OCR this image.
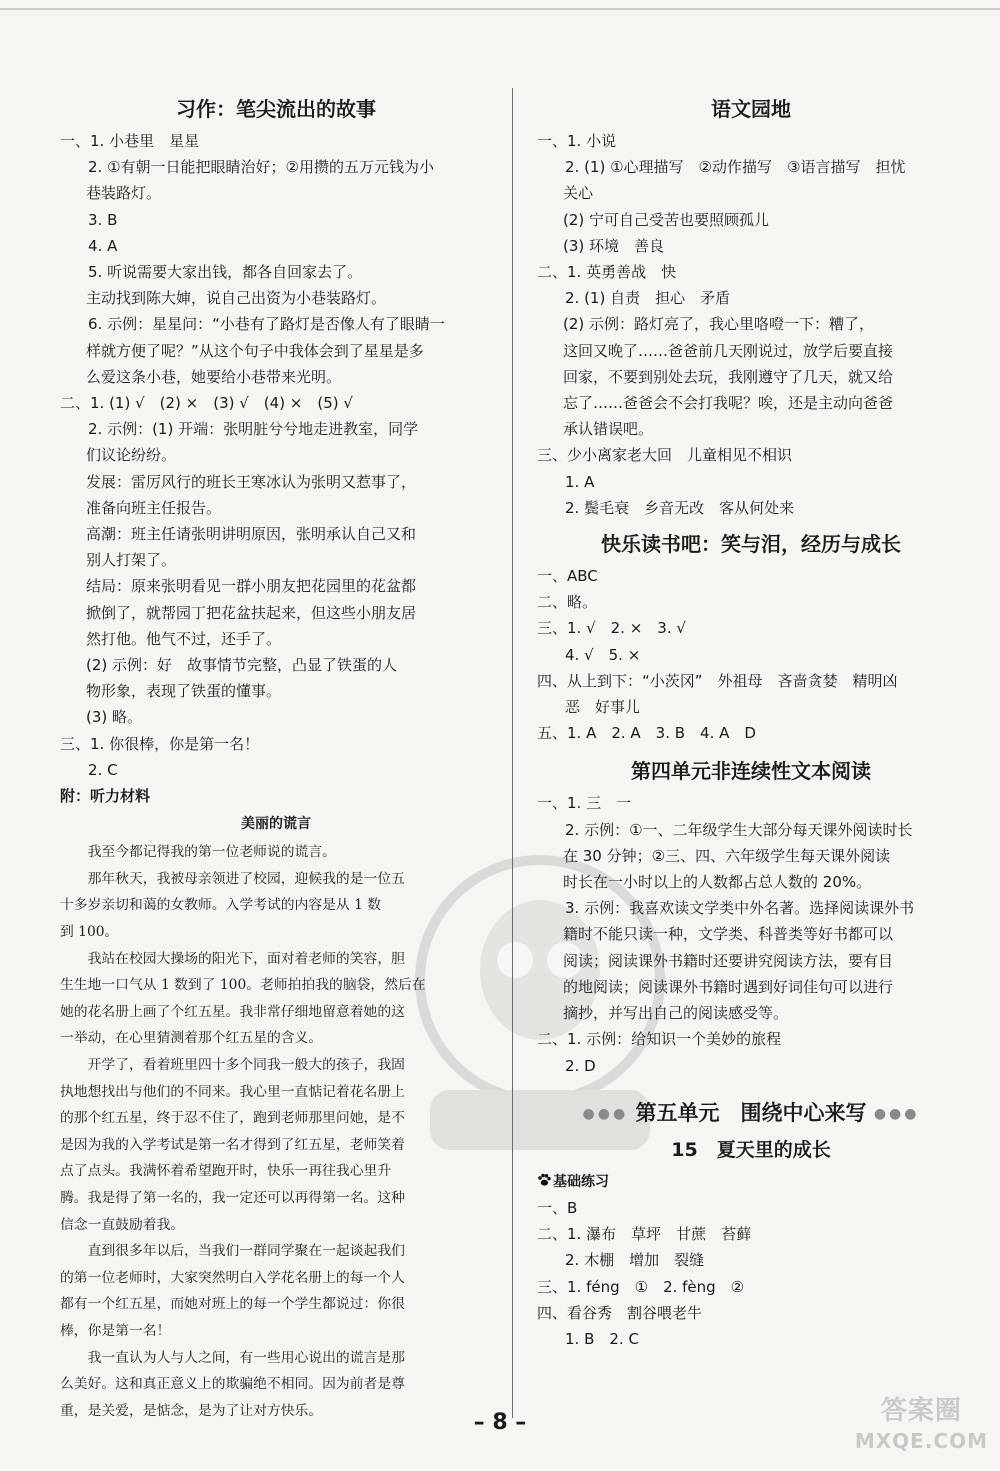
习作：笔尖流出的故事
一、1. 小巷里　星星
2. ①有朝一日能把眼睛治好；②用攒的五万元钱为小
巷装路灯。
3. B
4. A
5. 听说需要大家出钱，都各自回家去了。
主动找到陈大婶，说自己出资为小巷装路灯。
6. 示例：星星问：“小巷有了路灯是否像人有了眼睛一
样就方便了呢？”从这个句子中我体会到了星星是多
么爱这条小巷，她要给小巷带来光明。
二、1. (1) √　(2) ×　(3) √　(4) ×　(5) √
2. 示例：(1) 开端：张明脏兮兮地走进教室，同学
们议论纷纷。
发展：雷厉风行的班长王寒冰认为张明又惹事了，
准备向班主任报告。
高潮：班主任请张明讲明原因，张明承认自己又和
别人打架了。
结局：原来张明看见一群小朋友把花园里的花盆都
掀倒了，就帮园丁把花盆扶起来，但这些小朋友居
然打他。他气不过，还手了。
(2) 示例：好　故事情节完整，凸显了铁蛋的人
物形象，表现了铁蛋的懂事。
(3) 略。
三、1. 你很棒，你是第一名！
2. C
附：听力材料
美丽的谎言
　　我至今都记得我的第一位老师说的谎言。
　　那年秋天，我被母亲领进了校园，迎候我的是一位五
十多岁亲切和蔼的女教师。入学考试的内容是从 1 数
到 100。
　　我站在校园大操场的阳光下，面对着老师的笑容，胆
生生地一口气从 1 数到了 100。老师拍拍我的脑袋，然后在
她的花名册上画了个红五星。我非常仔细地留意着她的这
一举动，在心里猜测着那个红五星的含义。
　　开学了，看着班里四十多个同我一般大的孩子，我固
执地想找出与他们的不同来。我心里一直惦记着花名册上
的那个红五星，终于忍不住了，跑到老师那里问她，是不
是因为我的入学考试是第一名才得到了红五星，老师笑着
点了点头。我满怀着希望跑开时，快乐一再往我心里升
腾。我是得了第一名的，我一定还可以再得第一名。这种
信念一直鼓励着我。
　　直到很多年以后，当我们一群同学聚在一起谈起我们
的第一位老师时，大家突然明白入学花名册上的每一个人
都有一个红五星，而她对班上的每一个学生都说过：你很
棒，你是第一名！
　　我一直认为人与人之间，有一些用心说出的谎言是那
么美好。这和真正意义上的欺骗绝不相同。因为前者是尊
重，是关爱，是惦念，是为了让对方快乐。
语文园地
一、1. 小说
2. (1) ①心理描写　②动作描写　③语言描写　担忧
关心
(2) 宁可自己受苦也要照顾孤儿
(3) 环境　善良
二、1. 英勇善战　快
2. (1) 自责　担心　矛盾
(2) 示例：路灯亮了，我心里咯噔一下：糟了，
这回又晚了……爸爸前几天刚说过，放学后要直接
回家，不要到别处去玩，我刚遵守了几天，就又给
忘了……爸爸会不会打我呢？唉，还是主动向爸爸
承认错误吧。
三、少小离家老大回　儿童相见不相识
1. A
2. 鬓毛衰　乡音无改　客从何处来
快乐读书吧：笑与泪，经历与成长
一、ABC
二、略。
三、1. √　2. ×　3. √
4. √　5. ×
四、从上到下：“小茨冈”　外祖母　吝啬贪婪　精明凶
恶　好事儿
五、1. A　2. A　3. B　4. A　D
第四单元非连续性文本阅读
一、1. 三　一
2. 示例：①一、二年级学生大部分每天课外阅读时长
在 30 分钟；②三、四、六年级学生每天课外阅读
时长在一小时以上的人数都占总人数的 20%。
3. 示例：我喜欢读文学类中外名著。选择阅读课外书
籍时不能只读一种，文学类、科普类等好书都可以
阅读；阅读课外书籍时还要讲究阅读方法，要有目
的地阅读；阅读课外书籍时遇到好词佳句可以进行
摘抄，并写出自己的阅读感受等。
二、1. 示例：给知识一个美妙的旅程
2. D
●●● 第五单元　围绕中心来写 ●●●
15　夏天里的成长
基础练习
一、B
二、1. 瀑布　草坪　甘蔗　苔藓
2. 木棚　增加　裂缝
三、1. féng　①　2. fèng　②
四、看谷秀　割谷喂老牛
1. B　2. C
– 8 –	答案圈
MXQE.COM
